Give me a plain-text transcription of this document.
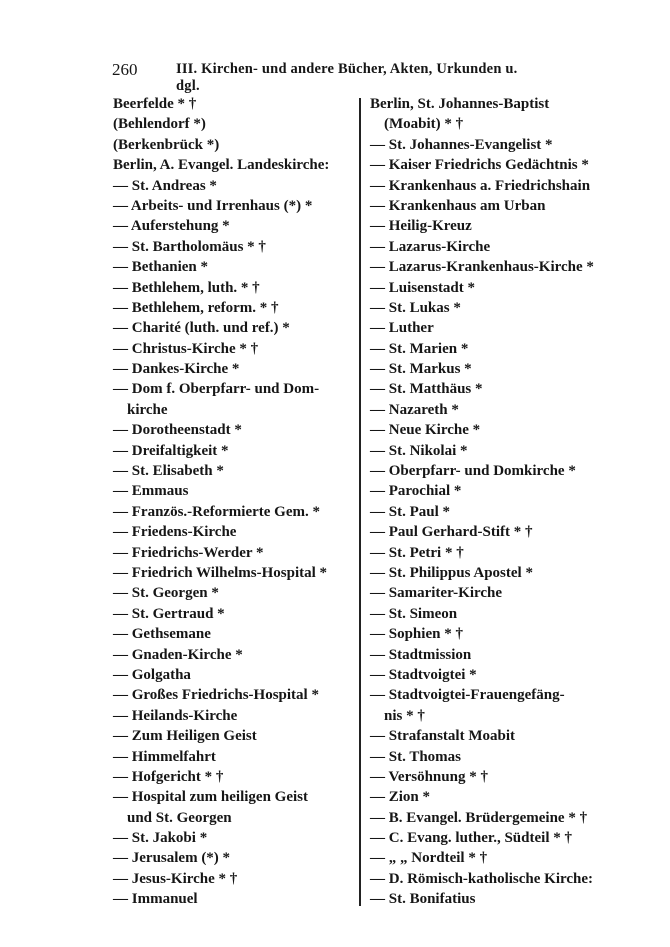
260	III. Kirchen- und andere Bücher, Akten, Urkunden u. dgl.
Beerfelde * †
(Behlendorf *)
(Berkenbrück *)
Berlin, A. Evangel. Landeskirche:
— St. Andreas *
— Arbeits- und Irrenhaus (*) *
— Auferstehung *
— St. Bartholomäus * †
— Bethanien *
— Bethlehem, luth. * †
— Bethlehem, reform. * †
— Charité (luth. und ref.) *
— Christus-Kirche * †
— Dankes-Kirche *
— Dom f. Oberpfarr- und Dom-
kirche
— Dorotheenstadt *
— Dreifaltigkeit *
— St. Elisabeth *
— Emmaus
— Französ.-Reformierte Gem. *
— Friedens-Kirche
— Friedrichs-Werder *
— Friedrich Wilhelms-Hospital *
— St. Georgen *
— St. Gertraud *
— Gethsemane
— Gnaden-Kirche *
— Golgatha
— Großes Friedrichs-Hospital *
— Heilands-Kirche
— Zum Heiligen Geist
— Himmelfahrt
— Hofgericht * †
— Hospital zum heiligen Geist
und St. Georgen
— St. Jakobi *
— Jerusalem (*) *
— Jesus-Kirche * †
— Immanuel
Berlin, St. Johannes-Baptist
(Moabit) * †
— St. Johannes-Evangelist *
— Kaiser Friedrichs Gedächtnis *
— Krankenhaus a. Friedrichshain
— Krankenhaus am Urban
— Heilig-Kreuz
— Lazarus-Kirche
— Lazarus-Krankenhaus-Kirche *
— Luisenstadt *
— St. Lukas *
— Luther
— St. Marien *
— St. Markus *
— St. Matthäus *
— Nazareth *
— Neue Kirche *
— St. Nikolai *
— Oberpfarr- und Domkirche *
— Parochial *
— St. Paul *
— Paul Gerhard-Stift * †
— St. Petri * †
— St. Philippus Apostel *
— Samariter-Kirche
— St. Simeon
— Sophien * †
— Stadtmission
— Stadtvoigtei *
— Stadtvoigtei-Frauengefäng-
nis * †
— Strafanstalt Moabit
— St. Thomas
— Versöhnung * †
— Zion *
— B. Evangel. Brüdergemeine * †
— C. Evang. luther., Südteil * †
— „ „ Nordteil * †
— D. Römisch-katholische Kirche:
— St. Bonifatius
